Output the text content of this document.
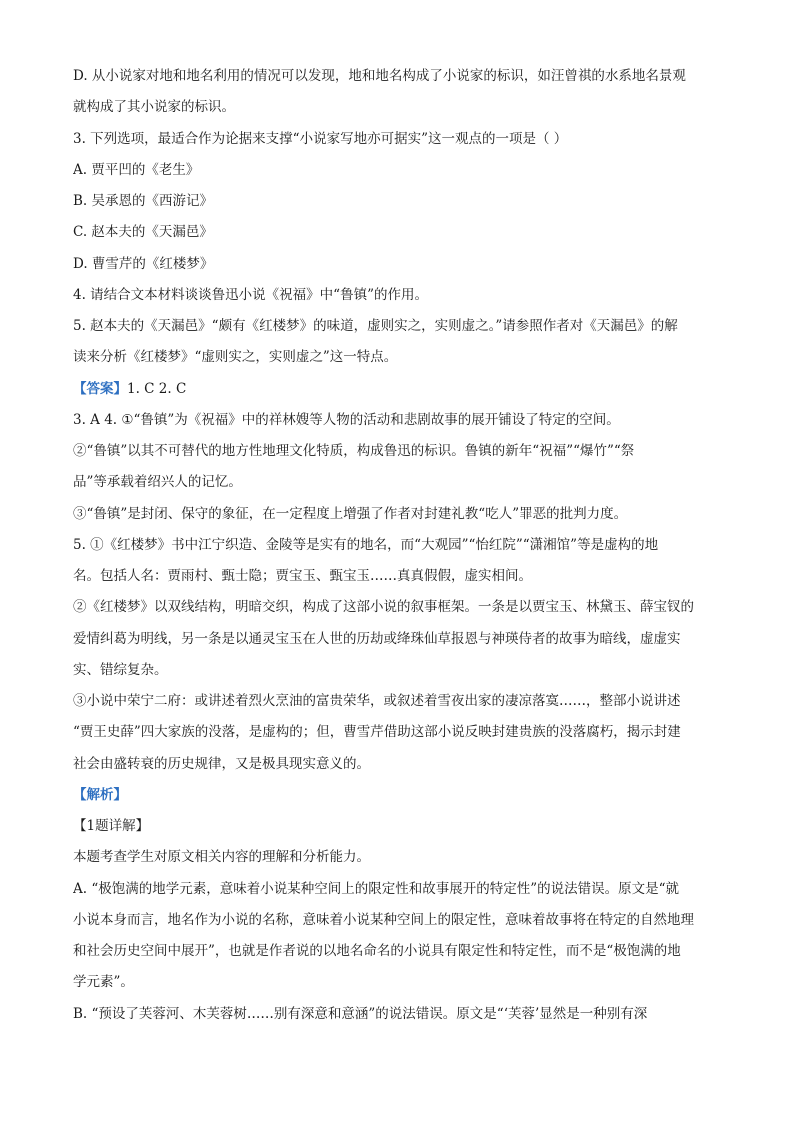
D. 从小说家对地和地名利用的情况可以发现，地和地名构成了小说家的标识，如汪曾祺的水系地名景观
就构成了其小说家的标识。
3. 下列选项，最适合作为论据来支撑“小说家写地亦可据实”这一观点的一项是（ ）
A. 贾平凹的《老生》
B. 吴承恩的《西游记》
C. 赵本夫的《天漏邑》
D. 曹雪芹的《红楼梦》
4. 请结合文本材料谈谈鲁迅小说《祝福》中“鲁镇”的作用。
5. 赵本夫的《天漏邑》“颇有《红楼梦》的味道，虚则实之，实则虚之。”请参照作者对《天漏邑》的解
读来分析《红楼梦》“虚则实之，实则虚之”这一特点。
【答案】1. C 2. C
3. A 4. ①“鲁镇”为《祝福》中的祥林嫂等人物的活动和悲剧故事的展开铺设了特定的空间。
②“鲁镇”以其不可替代的地方性地理文化特质，构成鲁迅的标识。鲁镇的新年“祝福”“爆竹”“祭
品”等承载着绍兴人的记忆。
③“鲁镇”是封闭、保守的象征，在一定程度上增强了作者对封建礼教“吃人”罪恶的批判力度。
5. ①《红楼梦》书中江宁织造、金陵等是实有的地名，而“大观园”“怡红院”“潇湘馆”等是虚构的地
名。包括人名：贾雨村、甄士隐；贾宝玉、甄宝玉……真真假假，虚实相间。
②《红楼梦》以双线结构，明暗交织，构成了这部小说的叙事框架。一条是以贾宝玉、林黛玉、薛宝钗的
爱情纠葛为明线，另一条是以通灵宝玉在人世的历劫或绛珠仙草报恩与神瑛侍者的故事为暗线，虚虚实
实、错综复杂。
③小说中荣宁二府：或讲述着烈火烹油的富贵荣华，或叙述着雪夜出家的凄凉落寞……，整部小说讲述
“贾王史薛”四大家族的没落，是虚构的；但，曹雪芹借助这部小说反映封建贵族的没落腐朽，揭示封建
社会由盛转衰的历史规律，又是极具现实意义的。
【解析】
【1题详解】
本题考查学生对原文相关内容的理解和分析能力。
A. “极饱满的地学元素，意味着小说某种空间上的限定性和故事展开的特定性”的说法错误。原文是“就
小说本身而言，地名作为小说的名称，意味着小说某种空间上的限定性，意味着故事将在特定的自然地理
和社会历史空间中展开”，也就是作者说的以地名命名的小说具有限定性和特定性，而不是“极饱满的地
学元素”。
B. “预设了芙蓉河、木芙蓉树……别有深意和意涵”的说法错误。原文是“‘芙蓉’显然是一种别有深
